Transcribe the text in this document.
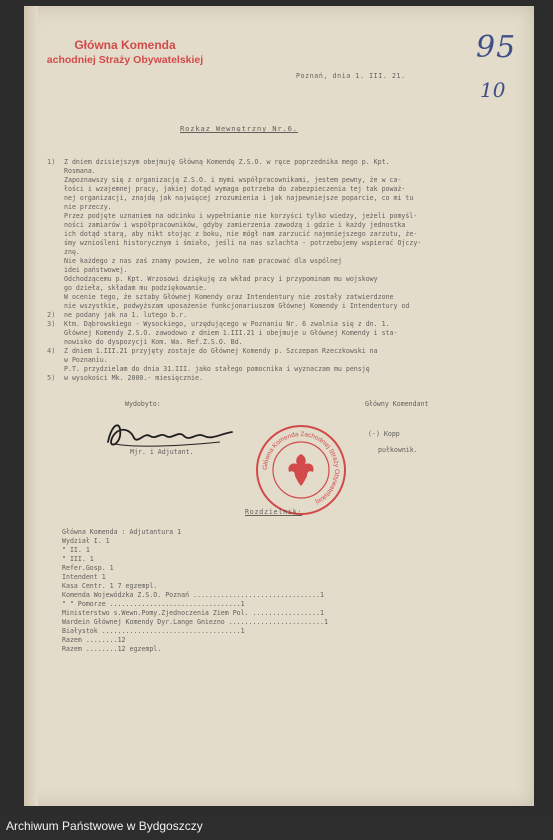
Główna Komenda
achodniej Straży Obywatelskiej	95
10
Poznań, dnia 1. III. 21.
Rozkaz Wewnętrzny Nr.6.
1)
2)
3)
4)
5)
Z dniem dzisiejszym obejmuję Główną Komendę Z.S.O. w ręce poprzednika mego p. Kpt.
Rosmana.
Zapoznawszy się z organizacją Z.S.O. i mymi współpracownikami, jestem pewny, że w ca-
łości i wzajemnej pracy, jakiej dotąd wymaga potrzeba do zabezpieczenia tej tak poważ-
nej organizacji, znajdę jak najwięcej zrozumienia i jak najpewniejsze poparcie, co mi tu
nie przeczy.
Przez podjęte uznaniem na odcinku i wypełnianie nie korzyści tylko wiedzy, jeżeli pomyśl-
ności zamiarów i współpracowników, gdyby zamierzenia zawodzą i gdzie i każdy jednostka
ich dotąd starą, aby nikt stojąc z boku, nie mógł nam zarzucić najmniejszego zarzutu, że-
śmy wzniośleni historycznym i śmiało, jeśli na nas szlachta - potrzebujemy wspierać Ojczy-
znę.
Nie każdego z nas zaś znamy powiem, że wolno nam pracować dla wspólnej
idei państwowej.
Odchodzącemu p. Kpt. Wrzosowi dziękuję za wkład pracy i przypominam mu wojskowy
go dzieła, składam mu podziękowanie.
W ocenie tego, że sztaby Głównej Komendy oraz Intendentury nie zostały zatwierdzone
nie wszystkie, podwyższam uposażenie funkcjonariuszom Głównej Komendy i Intendentury od
ne podany jak na 1. lutego b.r.
Ktm. Dąbrowskiego - Wysockiego, urzędującego w Poznaniu Nr. 6 zwalnia się z dn. 1.
Głównej Komendy Z.S.O. zawodowo z dniem 1.III.21 i obejmuje u Głównej Komendy i sta-
nowisko do dyspozycji Kom. Wa. Ref.Z.S.O. Bd.
Z dniem 1.III.21 przyjęty zostaje do Głównej Komendy p. Szczepan Rzeczkowski na
w Poznaniu.
P.T. przydzielam do dnia 31.III. jako stałego pomocnika i wyznaczam mu pensję
w wysokości Mk. 2000.- miesięcznie.
Wydobyto:
Mjr. i Adjutant.
Główny Komendant
(-) Kopp
pułkownik.
Główna Komenda Zachodniej Straży Obywatelskiej
Rozdzielnik:
Główna Komenda : Adjutantura 1
Wydział I. 1
" II. 1
" III. 1
Refer.Gosp. 1
Intendent 1
Kasa Centr. 1 7 egzempl.
Komenda Wojewódzka Z.S.O. Poznań ................................1
" " Pomorze .................................1
Ministerstwo s.Wewn.Pomy.Zjednoczenia Ziem Pol. .................1
Wardein Głównej Komendy Dyr.Lange Gniezno ........................1
Białystok ...................................1
Razem ........12
Razem ........12 egzempl.
Archiwum Państwowe w Bydgoszczy
